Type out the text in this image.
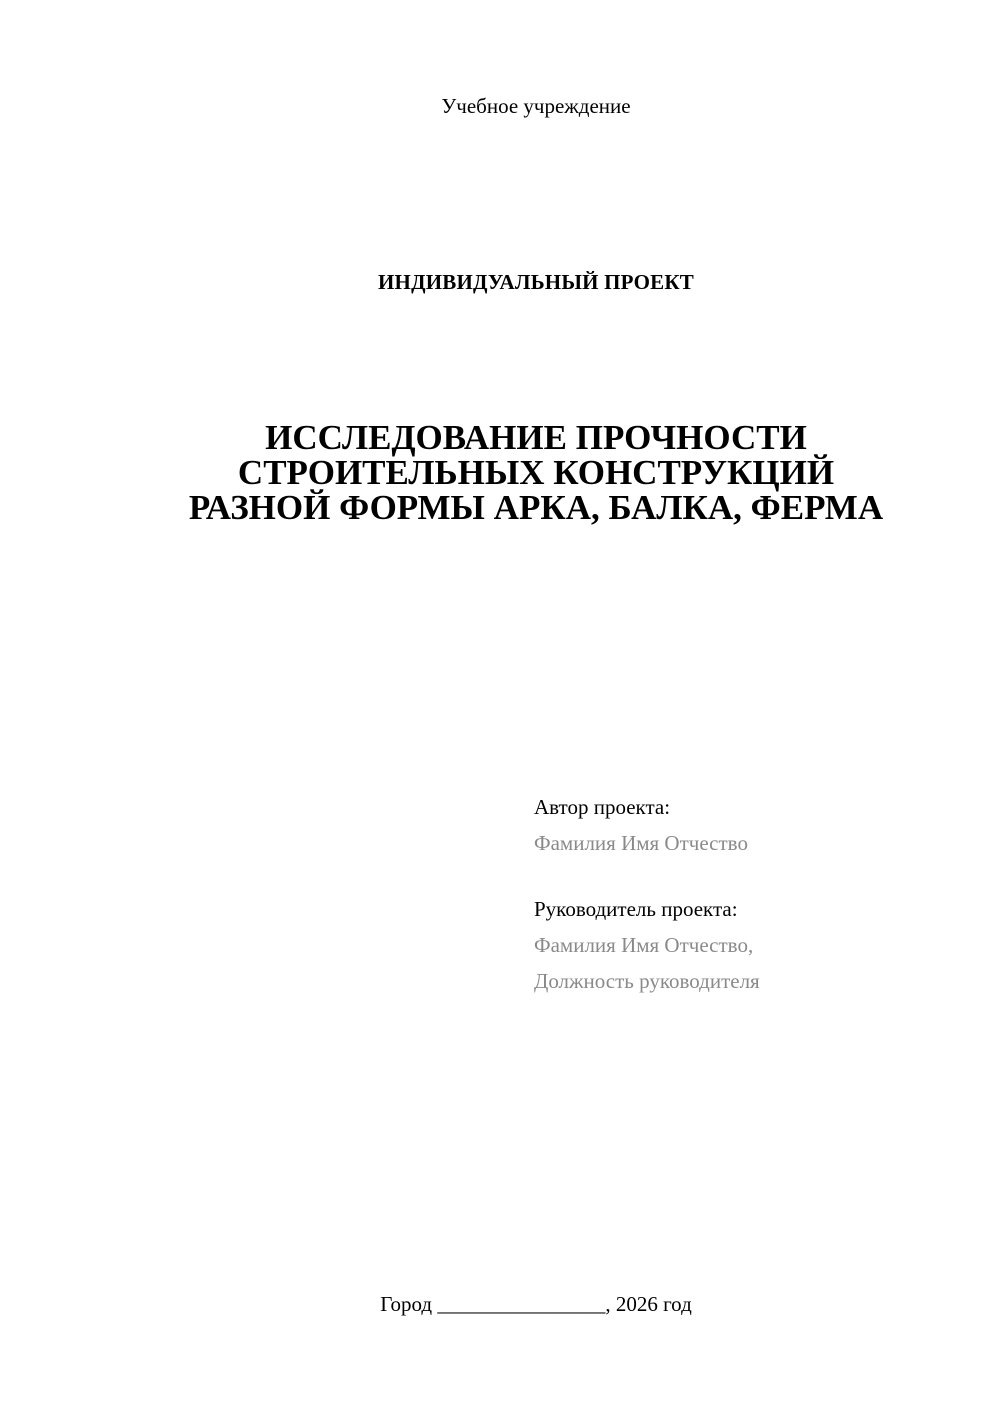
Учебное учреждение
ИНДИВИДУАЛЬНЫЙ ПРОЕКТ
ИССЛЕДОВАНИЕ ПРОЧНОСТИ
СТРОИТЕЛЬНЫХ КОНСТРУКЦИЙ
РАЗНОЙ ФОРМЫ АРКА, БАЛКА, ФЕРМА
Автор проекта:
Фамилия Имя Отчество
Руководитель проекта:
Фамилия Имя Отчество,
Должность руководителя
Город ________________, 2026 год
